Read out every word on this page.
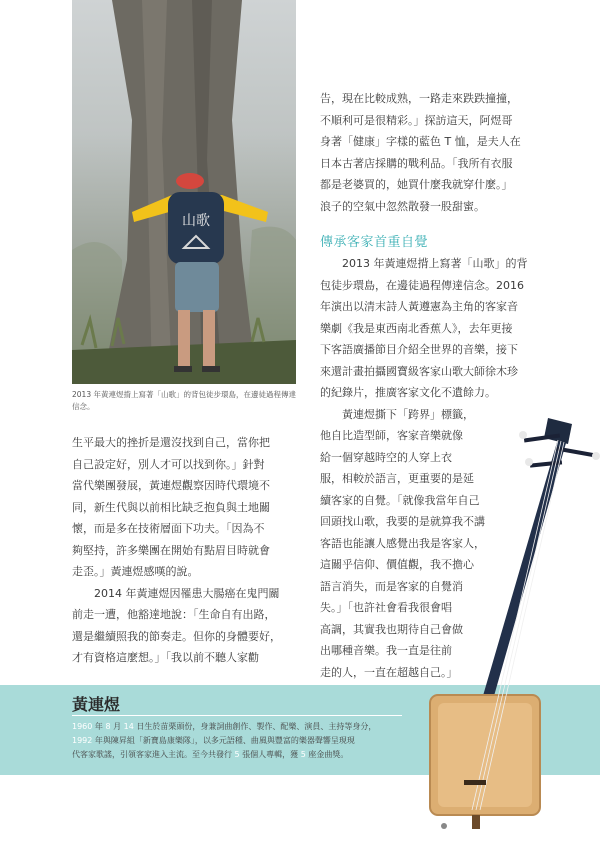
山歌
2013 年黃連煜揹上寫著「山歌」的背包徒步環島，在邊徒過程傳達信念。
告，現在比較成熟，一路走來跌跌撞撞，
不順利可是很精彩。」探訪這天，阿煜哥
身著「健康」字樣的藍色 T 恤，是夫人在
日本古著店採購的戰利品。「我所有衣服
都是老婆買的，她買什麼我就穿什麼。」
浪子的空氣中忽然散發一股甜蜜。
傳承客家首重自覺
　　2013 年黃連煜揹上寫著「山歌」的背
包徒步環島，在邊徒過程傳達信念。2016
年演出以清末詩人黃遵憲為主角的客家音
樂劇《我是東西南北香蕉人》，去年更接
下客語廣播節目介紹全世界的音樂，接下
來還計畫拍攝國寶級客家山歌大師徐木珍
的紀錄片，推廣客家文化不遺餘力。
　　黃連煜撕下「跨界」標籤，
他自比造型師，客家音樂就像
給一個穿越時空的人穿上衣
服，相較於語言，更重要的是延
續客家的自覺。「就像我當年自己
回頭找山歌，我要的是就算我不講
客語也能讓人感覺出我是客家人，
這關乎信仰、價值觀，我不擔心
語言消失，而是客家的自覺消
失。」「也許社會看我很會唱
高調，其實我也期待自己會做
出哪種音樂。我一直是往前
走的人，一直在超越自己。」
生平最大的挫折是還沒找到自己，當你把
自己設定好，別人才可以找到你。」針對
當代樂團發展，黃連煜觀察因時代環境不
同，新生代與以前相比缺乏抱負與土地關
懷，而是多在技術層面下功夫。「因為不
夠堅持，許多樂團在開始有點眉目時就會
走歪。」黃連煜感嘆的說。
　　2014 年黃連煜因罹患大腸癌在鬼門關
前走一遭，他豁達地說：「生命自有出路，
還是繼續照我的節奏走。但你的身體要好，
才有資格這麼想。」「我以前不聽人家勸
黃連煜
1960 年 8 月 14 日生於苗栗頭份，身兼詞曲創作、製作、配樂、演員、主持等身分，
1992 年與陳昇組「新寶島康樂隊」，以多元語種、曲風與豐富的樂器聲響呈現現
代客家歌謠，引領客家進入主流。至今共發行 5 張個人專輯，獲 5 座金曲獎。
